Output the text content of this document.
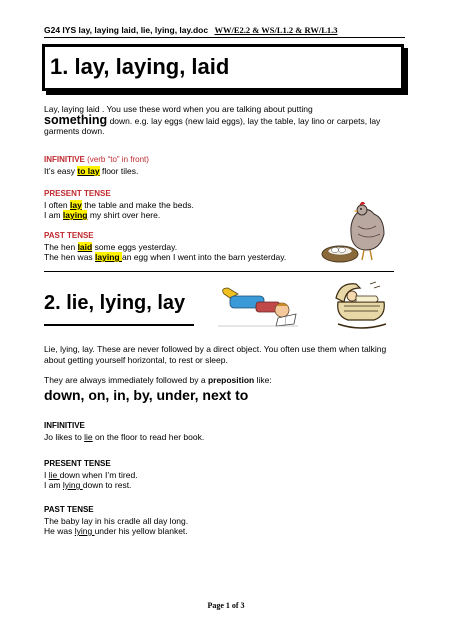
G24 IYS lay, laying laid, lie, lying, lay.doc WW/E2.2 & WS/L1.2 & RW/L1.3
1. lay, laying, laid
Lay, laying laid . You use these word when you are talking about putting
something down. e.g. lay eggs (new laid eggs), lay the table, lay lino or carpets, lay garments down.
INFINITIVE (verb “to” in front)
It’s easy to lay floor tiles.
PRESENT TENSE
I often lay the table and make the beds.
I am laying my shirt over here.
PAST TENSE
The hen laid some eggs yesterday.
The hen was laying an egg when I went into the barn yesterday.
2. lie, lying, lay
Lie, lying, lay. These are never followed by a direct object. You often use them when talking about getting yourself horizontal, to rest or sleep.
They are always immediately followed by a preposition like:
down, on, in, by, under, next to
INFINITIVE
Jo likes to lie on the floor to read her book.
PRESENT TENSE
I lie down when I’m tired.
I am lying down to rest.
PAST TENSE
The baby lay in his cradle all day long.
He was lying under his yellow blanket.
Page 1 of 3
